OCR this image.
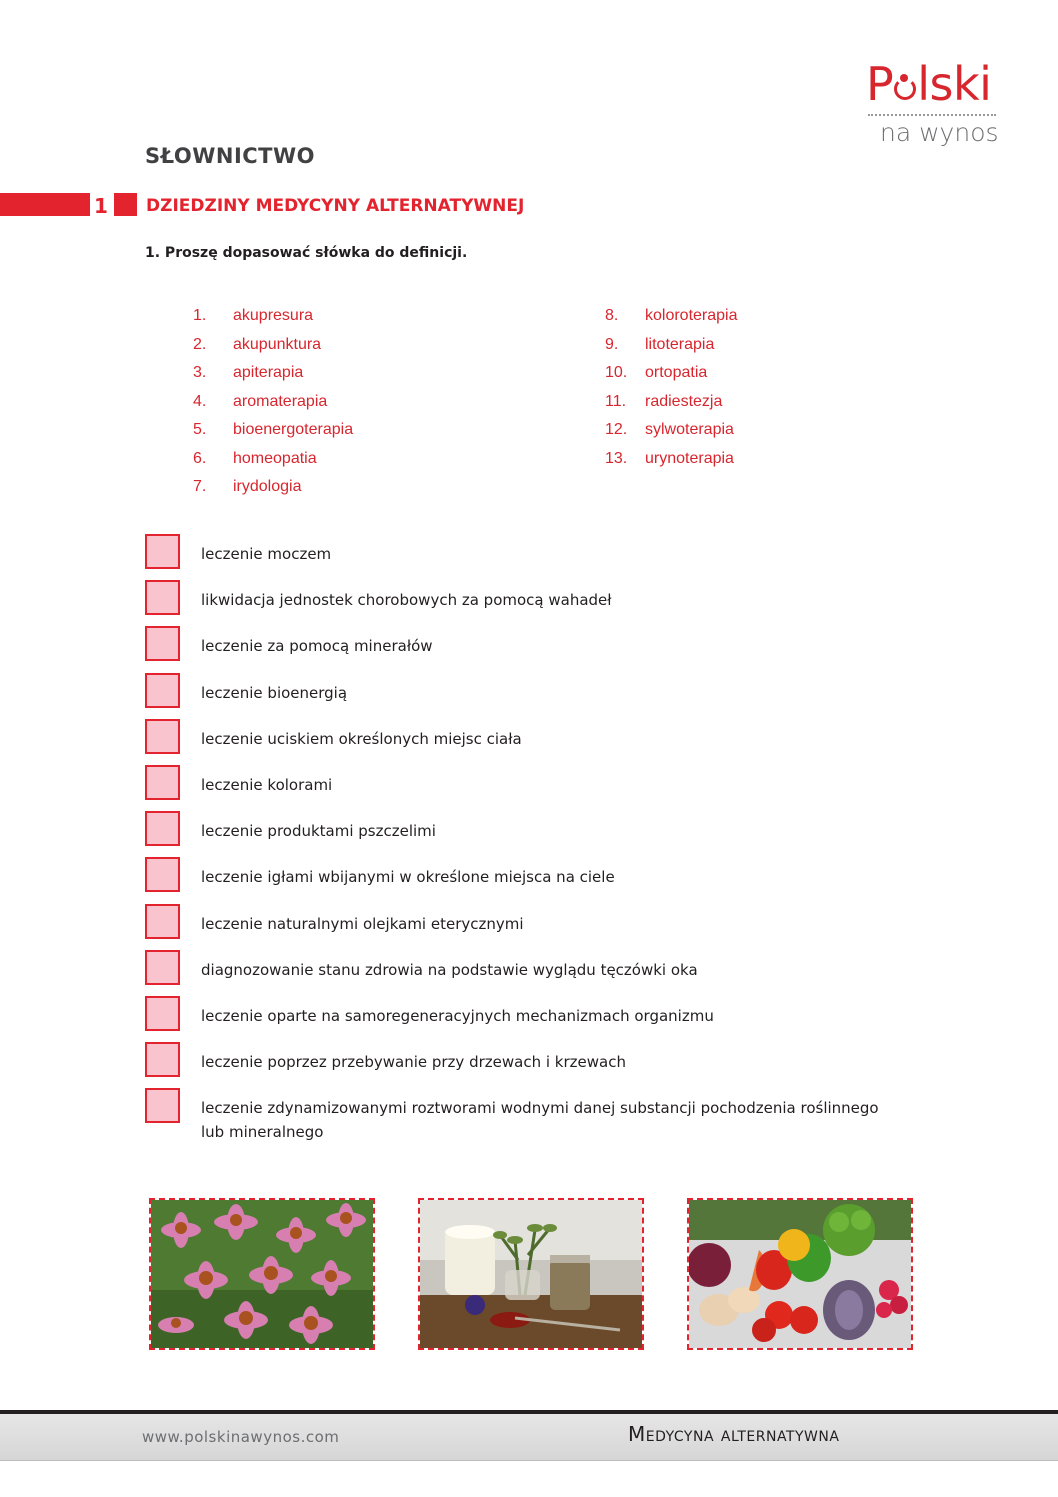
P lski
na wynos
SŁOWNICTWO
1 DZIEDZINY MEDYCYNY ALTERNATYWNEJ
1. Proszę dopasować słówka do definicji.
1. akupresura
2. akupunktura
3. apiterapia
4. aromaterapia
5. bioenergoterapia
6. homeopatia
7. irydologia
8. koloroterapia
9. litoterapia
10. ortopatia
11. radiestezja
12. sylwoterapia
13. urynoterapia
leczenie moczem
likwidacja jednostek chorobowych za pomocą wahadeł
leczenie za pomocą minerałów
leczenie bioenergią
leczenie uciskiem określonych miejsc ciała
leczenie kolorami
leczenie produktami pszczelimi
leczenie igłami wbijanymi w określone miejsca na ciele
leczenie naturalnymi olejkami eterycznymi
diagnozowanie stanu zdrowia na podstawie wyglądu tęczówki oka
leczenie oparte na samoregeneracyjnych mechanizmach organizmu
leczenie poprzez przebywanie przy drzewach i krzewach
leczenie zdynamizowanymi roztworami wodnymi danej substancji pochodzenia roślinnego lub mineralnego
www.polskinawynos.com	Medycyna alternatywna
